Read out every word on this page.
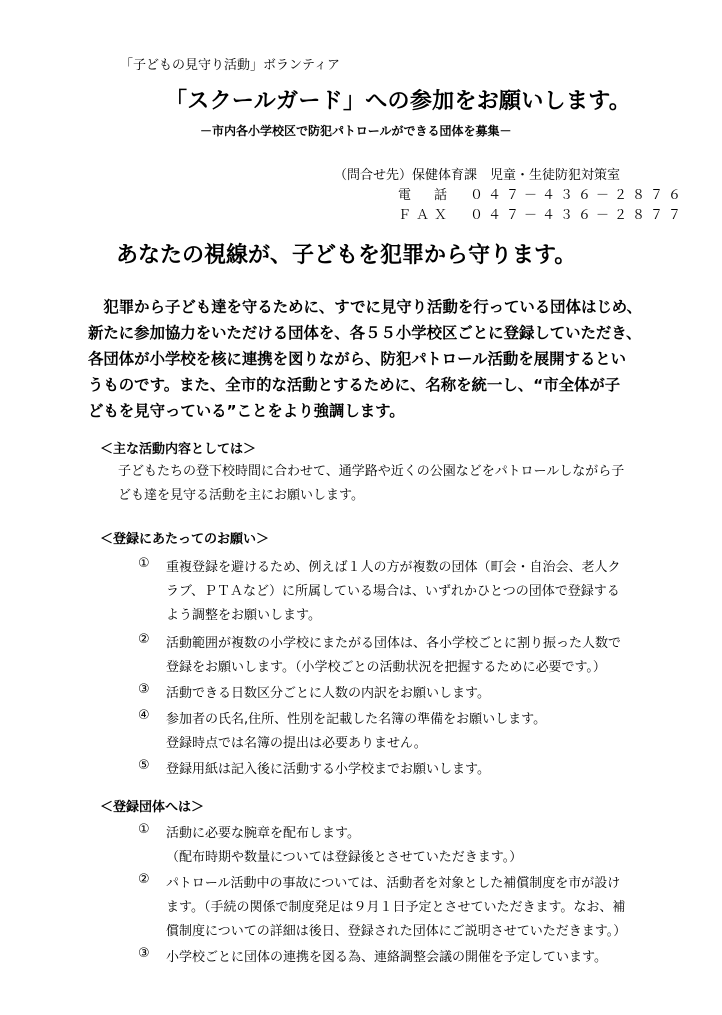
「子どもの見守り活動」ボランティア
「スクールガード」への参加をお願いします。
－市内各小学校区で防犯パトロールができる団体を募集－
（問合せ先）保健体育課　児童・生徒防犯対策室
電　話　０４７－４３６－２８７６
ＦＡＸ　０４７－４３６－２８７７
あなたの視線が、子どもを犯罪から守ります。

　犯罪から子ども達を守るために、すでに見守り活動を行っている団体はじめ、

新たに参加協力をいただける団体を、各５５小学校区ごとに登録していただき、

各団体が小学校を核に連携を図りながら、防犯パトロール活動を展開するとい

うものです。また、全市的な活動とするために、名称を統一し、“市全体が子

どもを見守っている”ことをより強調します。

＜主な活動内容としては＞
子どもたちの登下校時間に合わせて、通学路や近くの公園などをパトロールしながら子
ども達を見守る活動を主にお願いします。
＜登録にあたってのお願い＞
① 重複登録を避けるため、例えば１人の方が複数の団体（町会・自治会、老人ク
ラブ、ＰＴＡなど）に所属している場合は、いずれかひとつの団体で登録する
よう調整をお願いします。
② 活動範囲が複数の小学校にまたがる団体は、各小学校ごとに割り振った人数で
登録をお願いします。（小学校ごとの活動状況を把握するために必要です。）
③ 活動できる日数区分ごとに人数の内訳をお願いします。
④ 参加者の氏名,住所、性別を記載した名簿の準備をお願いします。
登録時点では名簿の提出は必要ありません。
⑤ 登録用紙は記入後に活動する小学校までお願いします。
＜登録団体へは＞
① 活動に必要な腕章を配布します。
（配布時期や数量については登録後とさせていただきます。）
② パトロール活動中の事故については、活動者を対象とした補償制度を市が設け
ます。（手続の関係で制度発足は９月１日予定とさせていただきます。なお、補
償制度についての詳細は後日、登録された団体にご説明させていただきます。）
③ 小学校ごとに団体の連携を図る為、連絡調整会議の開催を予定しています。
